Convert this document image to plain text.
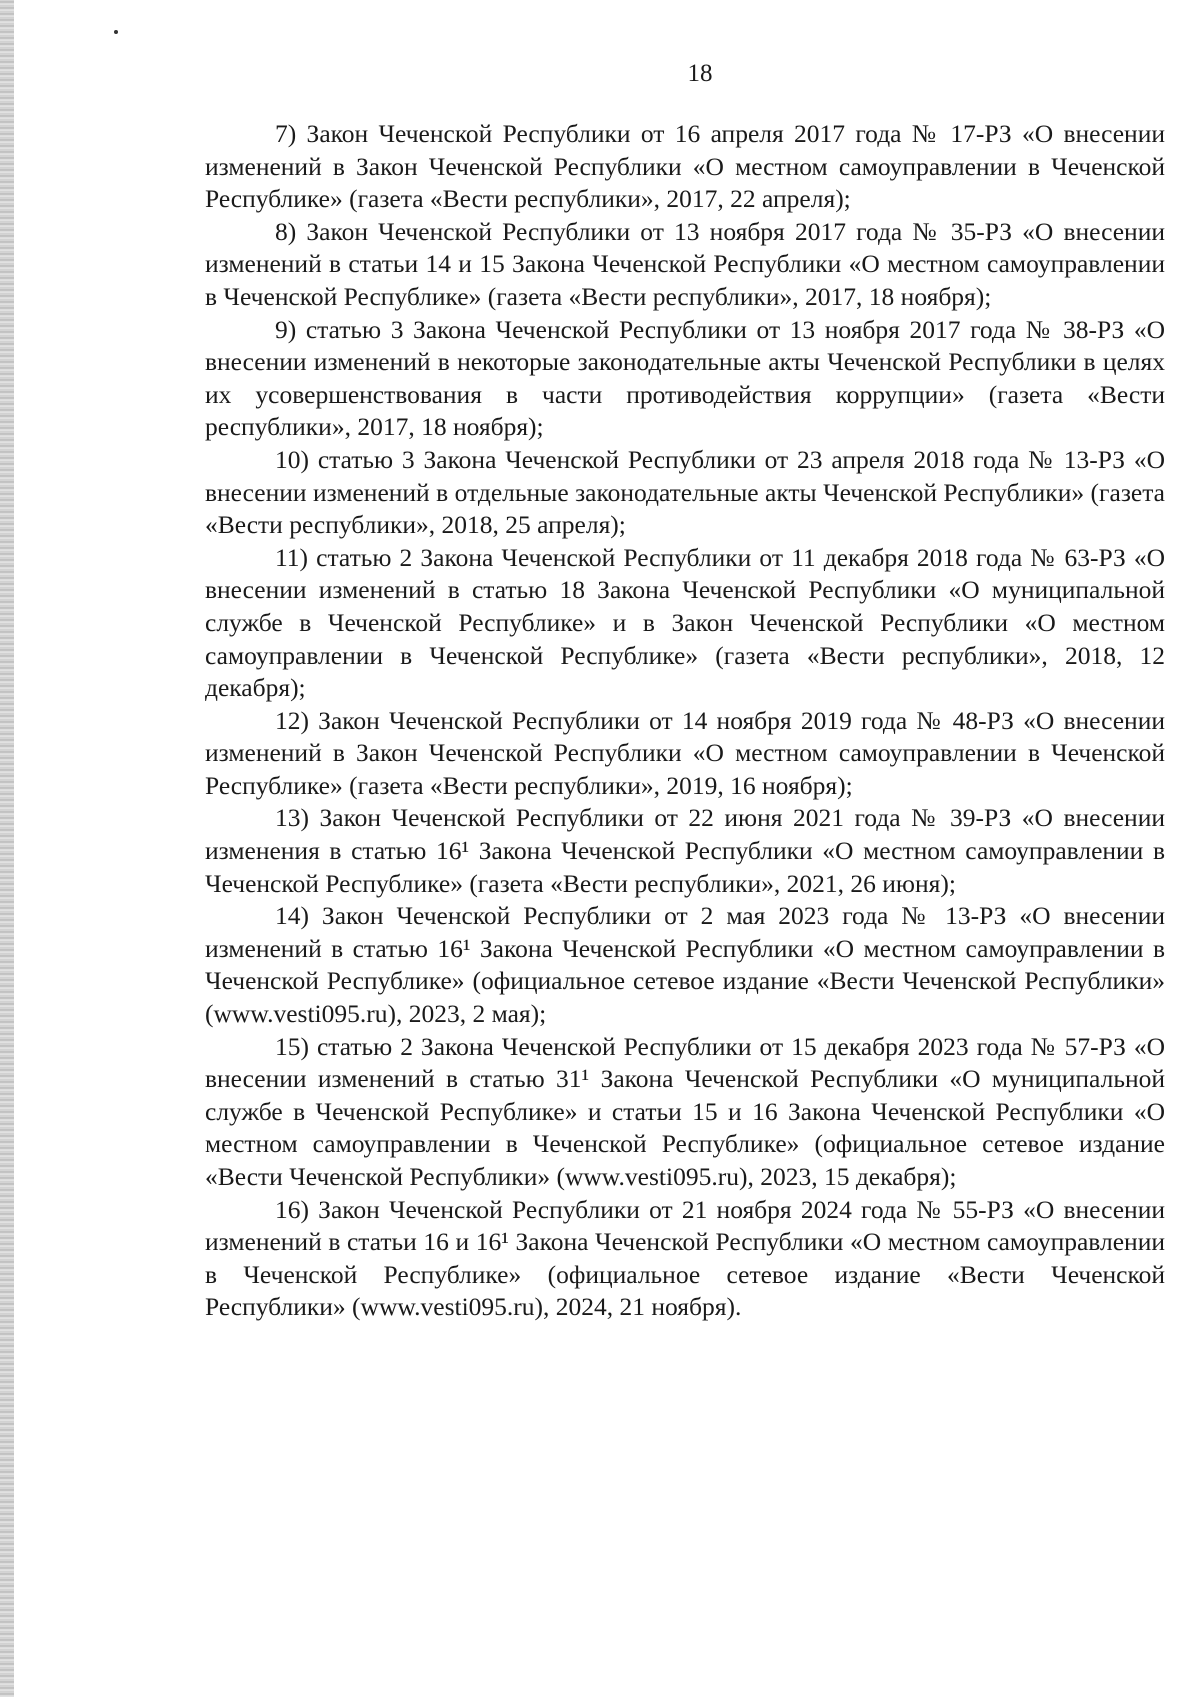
18

7) Закон Чеченской Республики от 16 апреля 2017 года № 17-РЗ «О внесении изменений в Закон Чеченской Республики «О местном самоуправлении в Чеченской Республике» (газета «Вести республики», 2017, 22 апреля);

8) Закон Чеченской Республики от 13 ноября 2017 года № 35-РЗ «О внесении изменений в статьи 14 и 15 Закона Чеченской Республики «О местном самоуправлении в Чеченской Республике» (газета «Вести республики», 2017, 18 ноября);

9) статью 3 Закона Чеченской Республики от 13 ноября 2017 года № 38-РЗ «О внесении изменений в некоторые законодательные акты Чеченской Республики в целях их усовершенствования в части противодействия коррупции» (газета «Вести республики», 2017, 18 ноября);

10) статью 3 Закона Чеченской Республики от 23 апреля 2018 года № 13-РЗ «О внесении изменений в отдельные законодательные акты Чеченской Республики» (газета «Вести республики», 2018, 25 апреля);

11) статью 2 Закона Чеченской Республики от 11 декабря 2018 года № 63-РЗ «О внесении изменений в статью 18 Закона Чеченской Республики «О муниципальной службе в Чеченской Республике» и в Закон Чеченской Республики «О местном самоуправлении в Чеченской Республике» (газета «Вести республики», 2018, 12 декабря);

12) Закон Чеченской Республики от 14 ноября 2019 года № 48-РЗ «О внесении изменений в Закон Чеченской Республики «О местном самоуправлении в Чеченской Республике» (газета «Вести республики», 2019, 16 ноября);

13) Закон Чеченской Республики от 22 июня 2021 года № 39-РЗ «О внесении изменения в статью 16¹ Закона Чеченской Республики «О местном самоуправлении в Чеченской Республике» (газета «Вести республики», 2021, 26 июня);

14) Закон Чеченской Республики от 2 мая 2023 года № 13-РЗ «О внесении изменений в статью 16¹ Закона Чеченской Республики «О местном самоуправлении в Чеченской Республике» (официальное сетевое издание «Вести Чеченской Республики» (www.vesti095.ru), 2023, 2 мая);

15) статью 2 Закона Чеченской Республики от 15 декабря 2023 года № 57-РЗ «О внесении изменений в статью 31¹ Закона Чеченской Республики «О муниципальной службе в Чеченской Республике» и статьи 15 и 16 Закона Чеченской Республики «О местном самоуправлении в Чеченской Республике» (официальное сетевое издание «Вести Чеченской Республики» (www.vesti095.ru), 2023, 15 декабря);

16) Закон Чеченской Республики от 21 ноября 2024 года № 55-РЗ «О внесении изменений в статьи 16 и 16¹ Закона Чеченской Республики «О местном самоуправлении в Чеченской Республике» (официальное сетевое издание «Вести Чеченской Республики» (www.vesti095.ru), 2024, 21 ноября).
